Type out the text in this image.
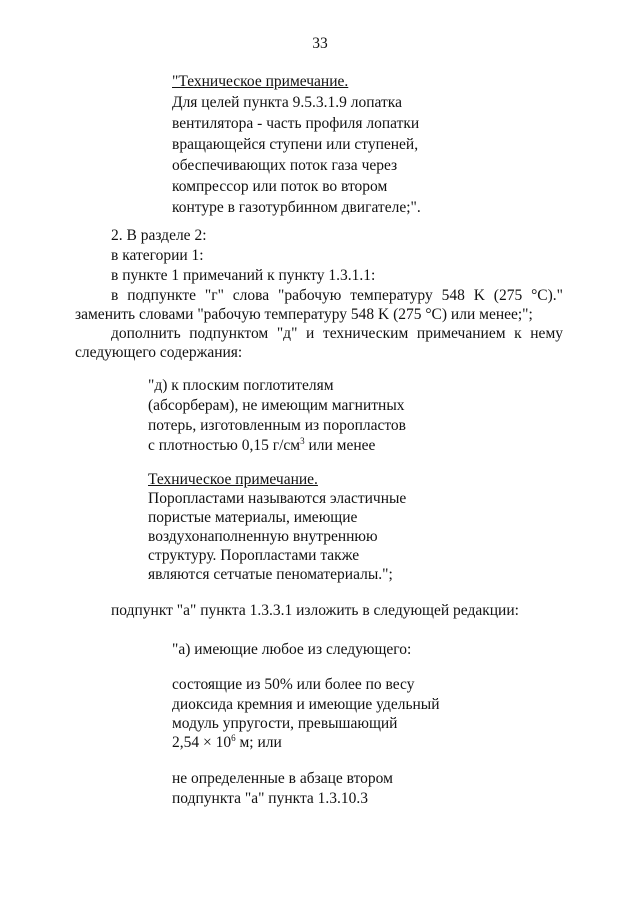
33
"Техническое примечание.
Для целей пункта 9.5.3.1.9 лопатка
вентилятора - часть профиля лопатки
вращающейся ступени или ступеней,
обеспечивающих поток газа через
компрессор или поток во втором
контуре в газотурбинном двигателе;".
2. В разделе 2:
в категории 1:
в пункте 1 примечаний к пункту 1.3.1.1:
в подпункте "г" слова "рабочую температуру 548 K (275 °C)."
заменить словами "рабочую температуру 548 K (275 °C) или менее;";
дополнить подпунктом "д" и техническим примечанием к нему
следующего содержания:
"д) к плоским поглотителям
(абсорберам), не имеющим магнитных
потерь, изготовленным из поропластов
с плотностью 0,15 $г/см^3$ или менее
Техническое примечание.
Поропластами называются эластичные
пористые материалы, имеющие
воздухонаполненную внутреннюю
структуру. Поропластами также
являются сетчатые пеноматериалы.";
подпункт "а" пункта 1.3.3.1 изложить в следующей редакции:
"а) имеющие любое из следующего:
состоящие из 50% или более по весу
диоксида кремния и имеющие удельный
модуль упругости, превышающий
$2,54 \times 10^6$ м; или
не определенные в абзаце втором
подпункта "а" пункта 1.3.10.3
